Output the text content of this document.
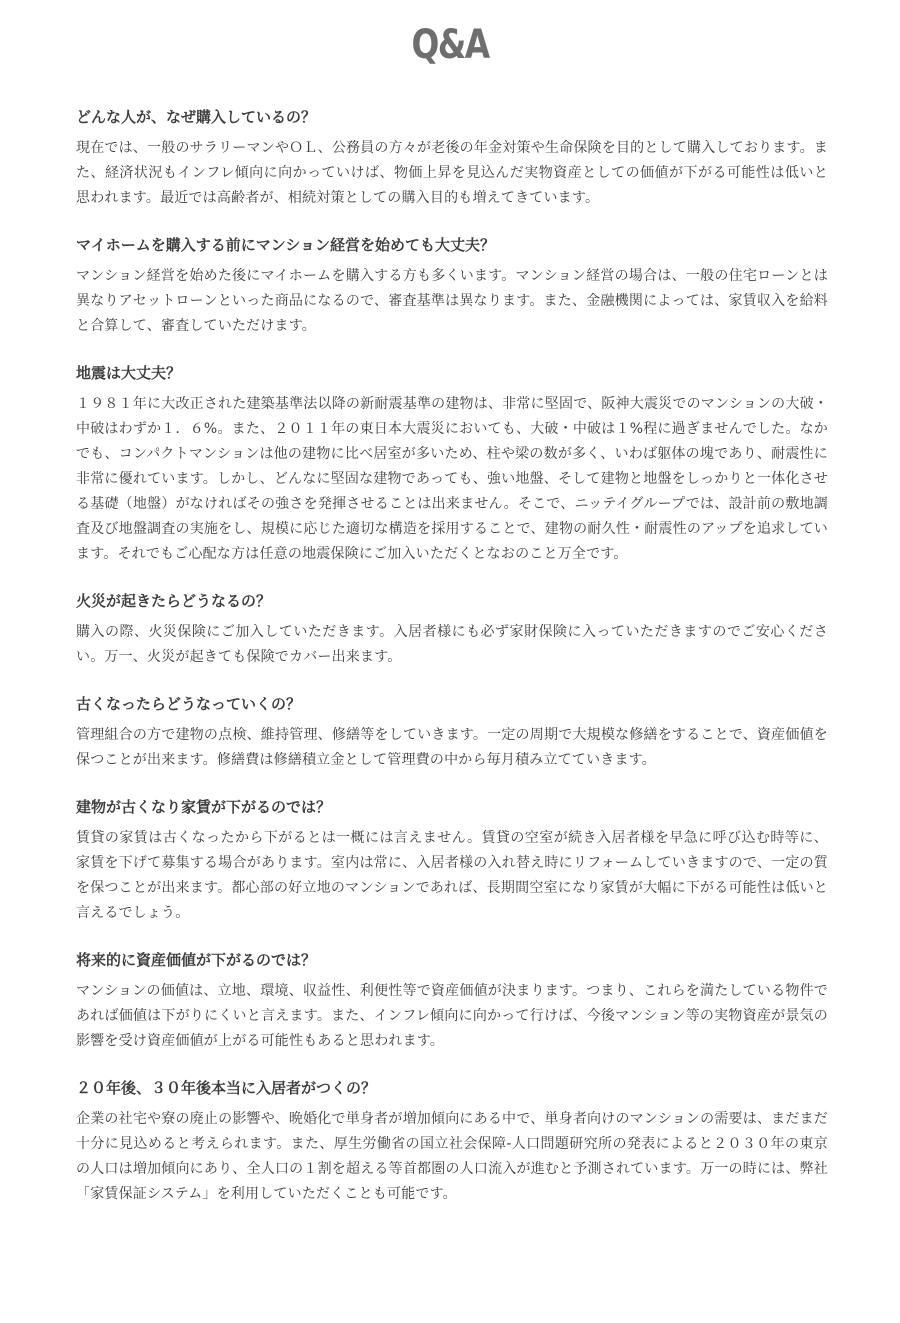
Q&A

どんな人が、なぜ購入しているの？

現在では、一般のサラリーマンやＯＬ、公務員の方々が老後の年金対策や生命保険を目的として購入しております。また、経済状況もインフレ傾向に向かっていけば、物価上昇を見込んだ実物資産としての価値が下がる可能性は低いと思われます。最近では高齢者が、相続対策としての購入目的も増えてきています。

マイホームを購入する前にマンション経営を始めても大丈夫？

マンション経営を始めた後にマイホームを購入する方も多くいます。マンション経営の場合は、一般の住宅ローンとは異なりアセットローンといった商品になるので、審査基準は異なります。また、金融機関によっては、家賃収入を給料と合算して、審査していただけます。

地震は大丈夫？

１９８１年に大改正された建築基準法以降の新耐震基準の建物は、非常に堅固で、阪神大震災でのマンションの大破・中破はわずか１．６%。また、２０１１年の東日本大震災においても、大破・中破は１%程に過ぎませんでした。なかでも、コンパクトマンションは他の建物に比べ居室が多いため、柱や梁の数が多く、いわば躯体の塊であり、耐震性に非常に優れています。しかし、どんなに堅固な建物であっても、強い地盤、そして建物と地盤をしっかりと一体化させる基礎（地盤）がなければその強さを発揮させることは出来ません。そこで、ニッテイグループでは、設計前の敷地調査及び地盤調査の実施をし、規模に応じた適切な構造を採用することで、建物の耐久性・耐震性のアップを追求しています。それでもご心配な方は任意の地震保険にご加入いただくとなおのこと万全です。

火災が起きたらどうなるの？

購入の際、火災保険にご加入していただきます。入居者様にも必ず家財保険に入っていただきますのでご安心ください。万一、火災が起きても保険でカバー出来ます。

古くなったらどうなっていくの？

管理組合の方で建物の点検、維持管理、修繕等をしていきます。一定の周期で大規模な修繕をすることで、資産価値を保つことが出来ます。修繕費は修繕積立金として管理費の中から毎月積み立てていきます。

建物が古くなり家賃が下がるのでは？

賃貸の家賃は古くなったから下がるとは一概には言えません。賃貸の空室が続き入居者様を早急に呼び込む時等に、家賃を下げて募集する場合があります。室内は常に、入居者様の入れ替え時にリフォームしていきますので、一定の質を保つことが出来ます。都心部の好立地のマンションであれば、長期間空室になり家賃が大幅に下がる可能性は低いと言えるでしょう。

将来的に資産価値が下がるのでは？

マンションの価値は、立地、環境、収益性、利便性等で資産価値が決まります。つまり、これらを満たしている物件であれば価値は下がりにくいと言えます。また、インフレ傾向に向かって行けば、今後マンション等の実物資産が景気の影響を受け資産価値が上がる可能性もあると思われます。

２０年後、３０年後本当に入居者がつくの？

企業の社宅や寮の廃止の影響や、晩婚化で単身者が増加傾向にある中で、単身者向けのマンションの需要は、まだまだ十分に見込めると考えられます。また、厚生労働省の国立社会保障-人口問題研究所の発表によると２０３０年の東京の人口は増加傾向にあり、全人口の１割を超える等首都圏の人口流入が進むと予測されています。万一の時には、弊社「家賃保証システム」を利用していただくことも可能です。
